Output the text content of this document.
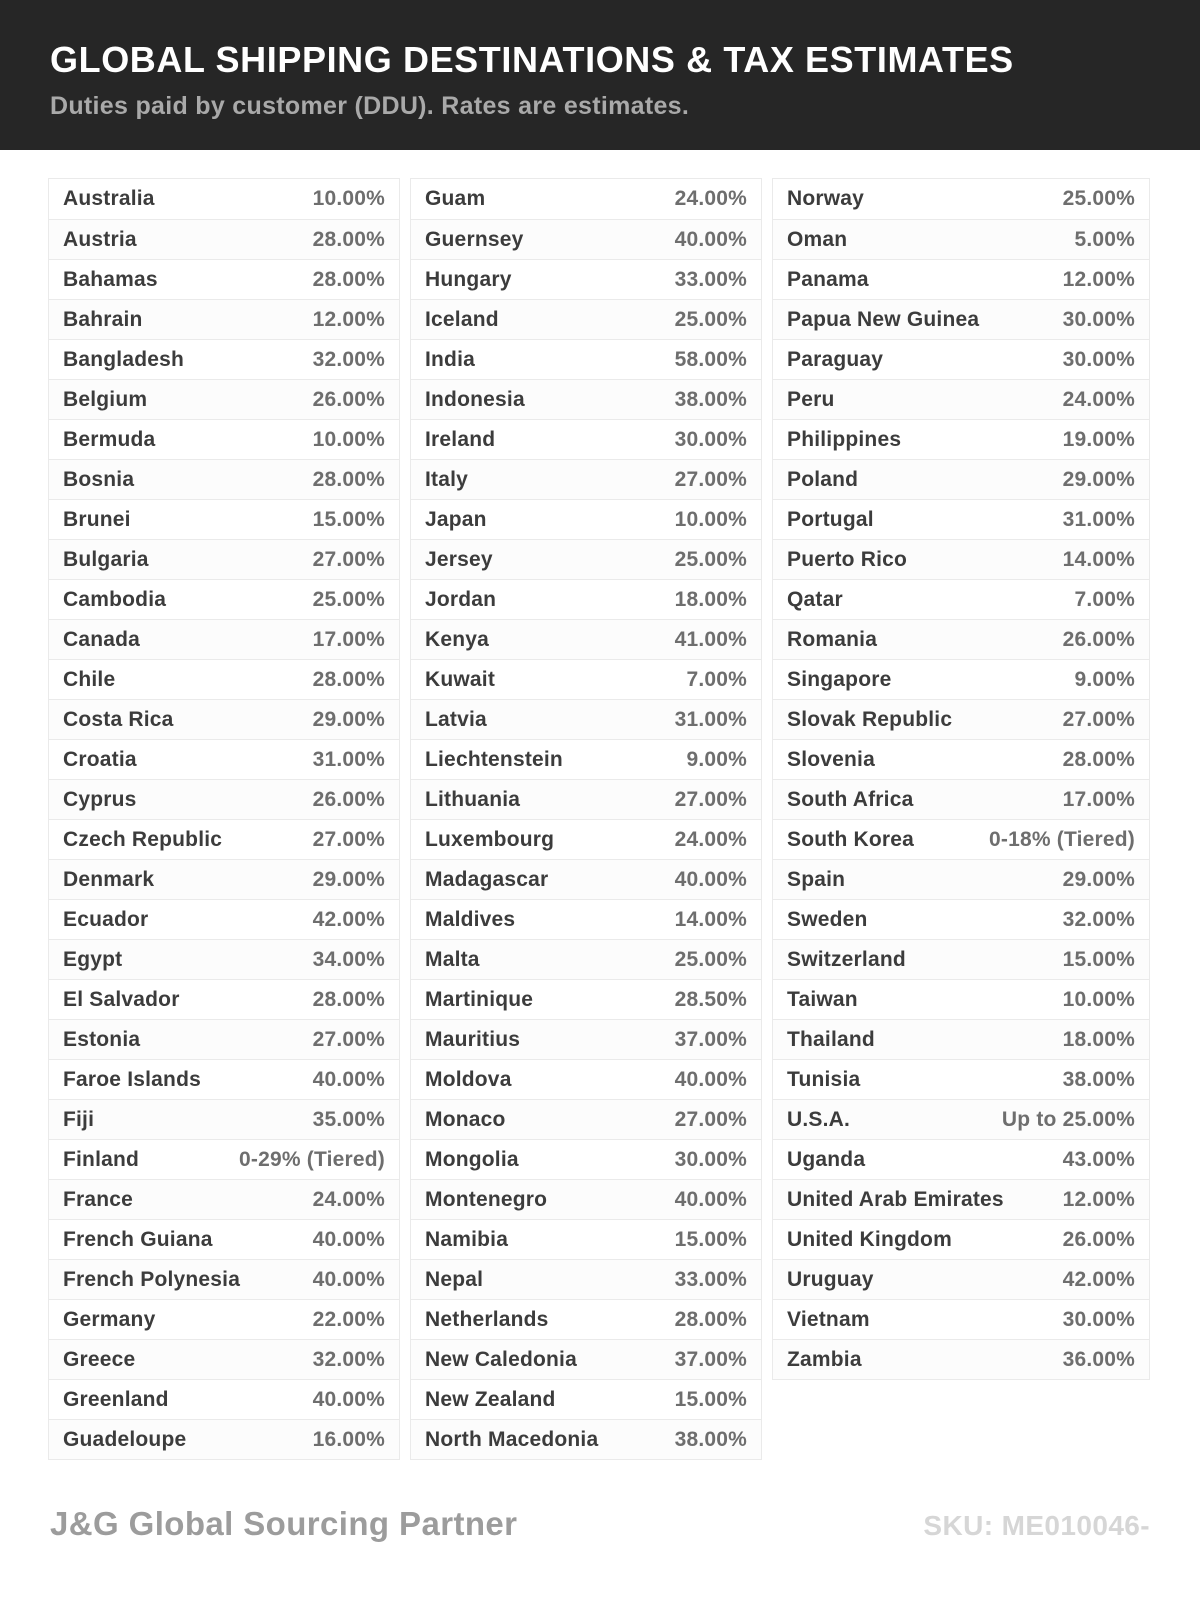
GLOBAL SHIPPING DESTINATIONS & TAX ESTIMATES

Duties paid by customer (DDU). Rates are estimates.

Australia	10.00%
Austria	28.00%
Bahamas	28.00%
Bahrain	12.00%
Bangladesh	32.00%
Belgium	26.00%
Bermuda	10.00%
Bosnia	28.00%
Brunei	15.00%
Bulgaria	27.00%
Cambodia	25.00%
Canada	17.00%
Chile	28.00%
Costa Rica	29.00%
Croatia	31.00%
Cyprus	26.00%
Czech Republic	27.00%
Denmark	29.00%
Ecuador	42.00%
Egypt	34.00%
El Salvador	28.00%
Estonia	27.00%
Faroe Islands	40.00%
Fiji	35.00%
Finland	0-29% (Tiered)
France	24.00%
French Guiana	40.00%
French Polynesia	40.00%
Germany	22.00%
Greece	32.00%
Greenland	40.00%
Guadeloupe	16.00%
Guam	24.00%
Guernsey	40.00%
Hungary	33.00%
Iceland	25.00%
India	58.00%
Indonesia	38.00%
Ireland	30.00%
Italy	27.00%
Japan	10.00%
Jersey	25.00%
Jordan	18.00%
Kenya	41.00%
Kuwait	7.00%
Latvia	31.00%
Liechtenstein	9.00%
Lithuania	27.00%
Luxembourg	24.00%
Madagascar	40.00%
Maldives	14.00%
Malta	25.00%
Martinique	28.50%
Mauritius	37.00%
Moldova	40.00%
Monaco	27.00%
Mongolia	30.00%
Montenegro	40.00%
Namibia	15.00%
Nepal	33.00%
Netherlands	28.00%
New Caledonia	37.00%
New Zealand	15.00%
North Macedonia	38.00%
Norway	25.00%
Oman	5.00%
Panama	12.00%
Papua New Guinea	30.00%
Paraguay	30.00%
Peru	24.00%
Philippines	19.00%
Poland	29.00%
Portugal	31.00%
Puerto Rico	14.00%
Qatar	7.00%
Romania	26.00%
Singapore	9.00%
Slovak Republic	27.00%
Slovenia	28.00%
South Africa	17.00%
South Korea	0-18% (Tiered)
Spain	29.00%
Sweden	32.00%
Switzerland	15.00%
Taiwan	10.00%
Thailand	18.00%
Tunisia	38.00%
U.S.A.	Up to 25.00%
Uganda	43.00%
United Arab Emirates	12.00%
United Kingdom	26.00%
Uruguay	42.00%
Vietnam	30.00%
Zambia	36.00%
J&G Global Sourcing Partner	SKU: ME010046-
